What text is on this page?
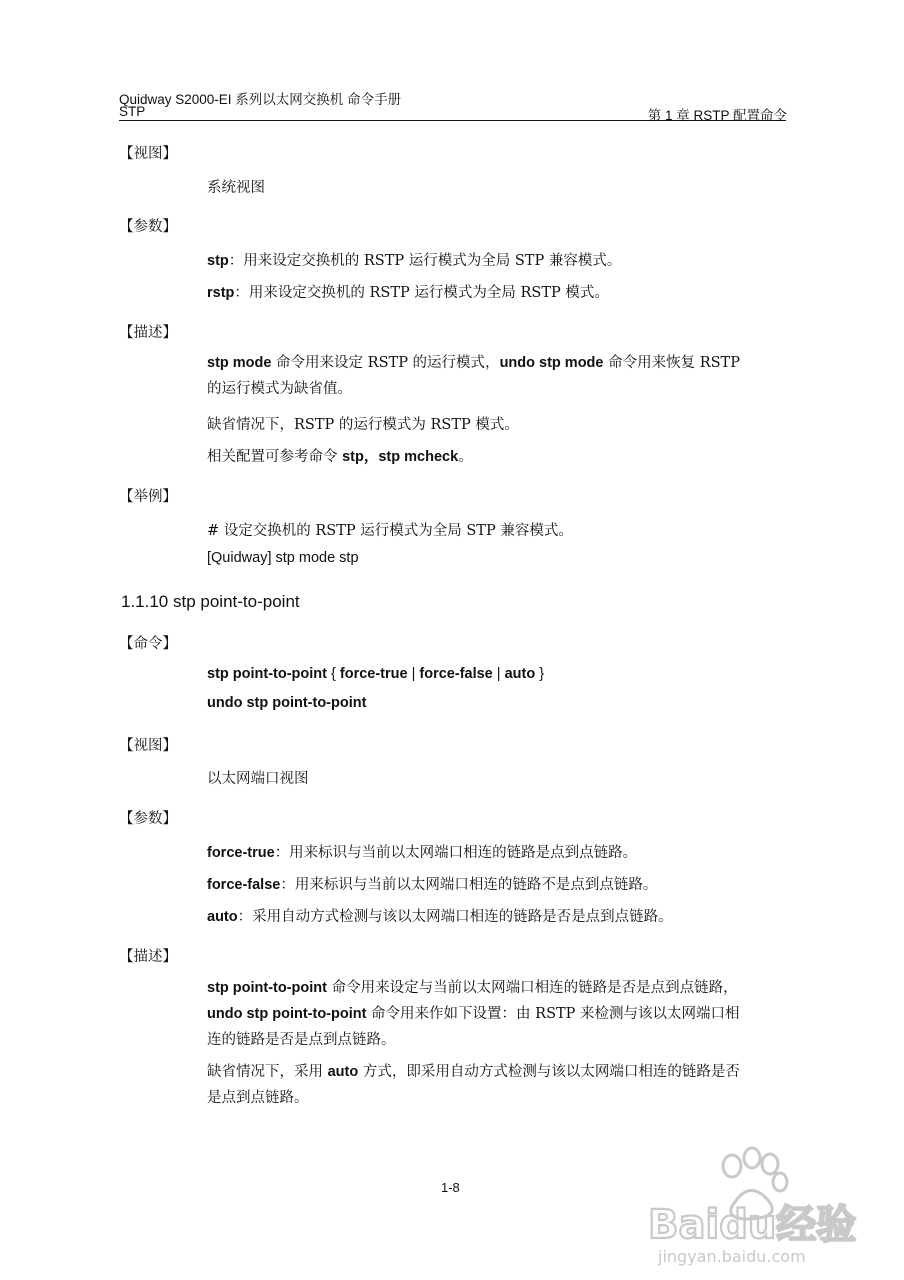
Quidway S2000-EI 系列以太网交换机 命令手册
STP	第 1 章 RSTP 配置命令
【视图】
系统视图
【参数】
stp：用来设定交换机的 RSTP 运行模式为全局 STP 兼容模式。
rstp：用来设定交换机的 RSTP 运行模式为全局 RSTP 模式。
【描述】
stp mode 命令用来设定 RSTP 的运行模式，undo stp mode 命令用来恢复 RSTP
的运行模式为缺省值。
缺省情况下，RSTP 的运行模式为 RSTP 模式。
相关配置可参考命令 stp，stp mcheck。
【举例】
# 设定交换机的 RSTP 运行模式为全局 STP 兼容模式。
[Quidway] stp mode stp
1.1.10 stp point-to-point
【命令】
stp point-to-point { force-true | force-false | auto }
undo stp point-to-point
【视图】
以太网端口视图
【参数】
force-true：用来标识与当前以太网端口相连的链路是点到点链路。
force-false：用来标识与当前以太网端口相连的链路不是点到点链路。
auto：采用自动方式检测与该以太网端口相连的链路是否是点到点链路。
【描述】
stp point-to-point 命令用来设定与当前以太网端口相连的链路是否是点到点链路，
undo stp point-to-point 命令用来作如下设置：由 RSTP 来检测与该以太网端口相
连的链路是否是点到点链路。
缺省情况下，采用 auto 方式，即采用自动方式检测与该以太网端口相连的链路是否
是点到点链路。
1-8
Baidu经验
jingyan.baidu.com
